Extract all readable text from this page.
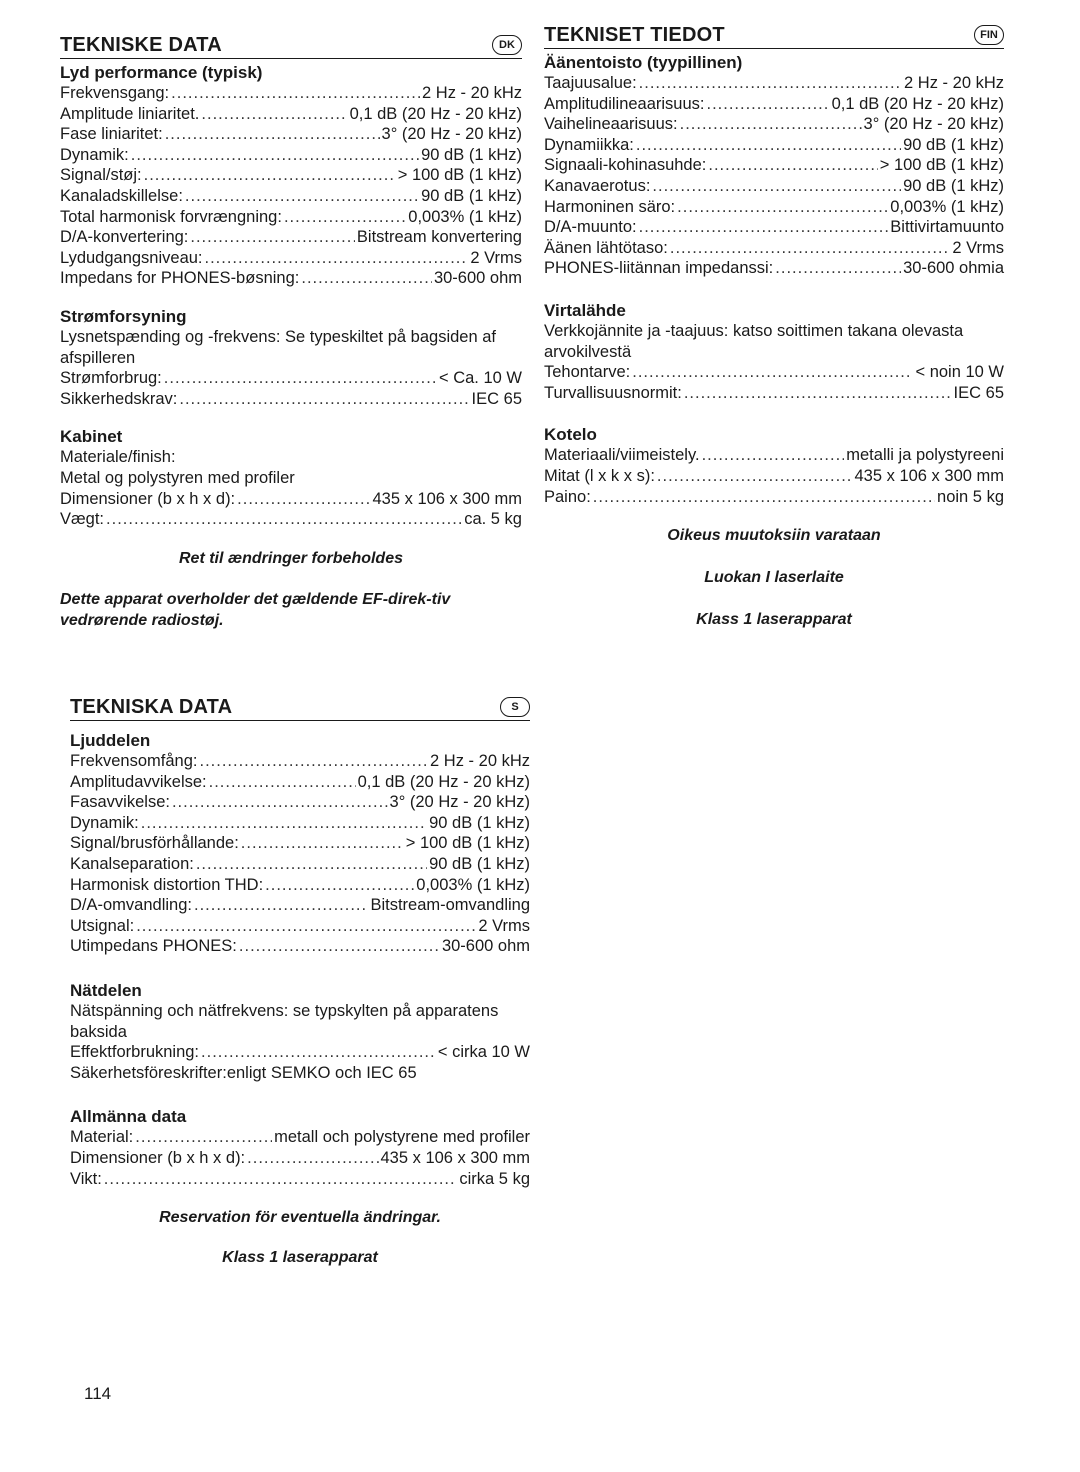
TEKNISKE DATA	DK
Lyd performance (typisk)
Frekvensgang: .....	2 Hz - 20 kHz
Amplitude liniaritet. .....	0,1 dB (20 Hz - 20 kHz)
Fase liniaritet: .....	3° (20 Hz - 20 kHz)
Dynamik: .....	90 dB (1 kHz)
Signal/støj: .....	> 100 dB (1 kHz)
Kanaladskillelse: .....	90 dB (1 kHz)
Total harmonisk forvrængning: .....	0,003% (1 kHz)
D/A-konvertering: .....	Bitstream konvertering
Lydudgangsniveau: .....	2 Vrms
Impedans for PHONES-bøsning: .....	30-600 ohm
Strømforsyning
Lysnetspænding og -frekvens: Se typeskiltet på bagsiden af afspilleren
Strømforbrug: .....	< Ca. 10 W
Sikkerhedskrav: .....	IEC 65
Kabinet
Materiale/finish:
Metal og polystyren med profiler
Dimensioner (b x h x d): .....	435 x 106 x 300 mm
Vægt: .....	ca. 5 kg
Ret til ændringer forbeholdes
Dette apparat overholder det gældende EF-direk-tiv vedrørende radiostøj.
TEKNISET TIEDOT	FIN
Äänentoisto (tyypillinen)
Taajuusalue: .....	2 Hz - 20 kHz
Amplitudilineaarisuus: .....	0,1 dB (20 Hz - 20 kHz)
Vaihelineaarisuus: .....	3° (20 Hz - 20 kHz)
Dynamiikka: .....	90 dB (1 kHz)
Signaali-kohinasuhde: .....	> 100 dB (1 kHz)
Kanavaerotus: .....	90 dB (1 kHz)
Harmoninen säro: .....	0,003% (1 kHz)
D/A-muunto: .....	Bittivirtamuunto
Äänen lähtötaso: .....	2 Vrms
PHONES-liitännan impedanssi: .....	30-600 ohmia
Virtalähde
Verkkojännite ja -taajuus: katso soittimen takana olevasta arvokilvestä
Tehontarve: .....	< noin 10 W
Turvallisuusnormit: .....	IEC 65
Kotelo
Materiaali/viimeistely. .....	metalli ja polystyreeni
Mitat (l x k x s): .....	435 x 106 x 300 mm
Paino: .....	noin 5 kg
Oikeus muutoksiin varataan
Luokan I laserlaite
Klass 1 laserapparat
TEKNISKA DATA	S
Ljuddelen
Frekvensomfång: .....	2 Hz - 20 kHz
Amplitudavvikelse: .....	0,1 dB (20 Hz - 20 kHz)
Fasavvikelse: .....	3° (20 Hz - 20 kHz)
Dynamik: .....	90 dB (1 kHz)
Signal/brusförhållande: .....	> 100 dB (1 kHz)
Kanalseparation: .....	90 dB (1 kHz)
Harmonisk distortion THD: .....	0,003% (1 kHz)
D/A-omvandling: .....	Bitstream-omvandling
Utsignal: .....	2 Vrms
Utimpedans PHONES: .....	30-600 ohm
Nätdelen
Nätspänning och nätfrekvens: se typskylten på apparatens baksida
Effektforbrukning: .....	< cirka 10 W
Säkerhetsföreskrifter: enligt SEMKO och IEC 65
Allmänna data
Material: .....	metall och polystyrene med profiler
Dimensioner (b x h x d): .....	435 x 106 x 300 mm
Vikt: .....	cirka 5 kg
Reservation för eventuella ändringar.
Klass 1 laserapparat
114
